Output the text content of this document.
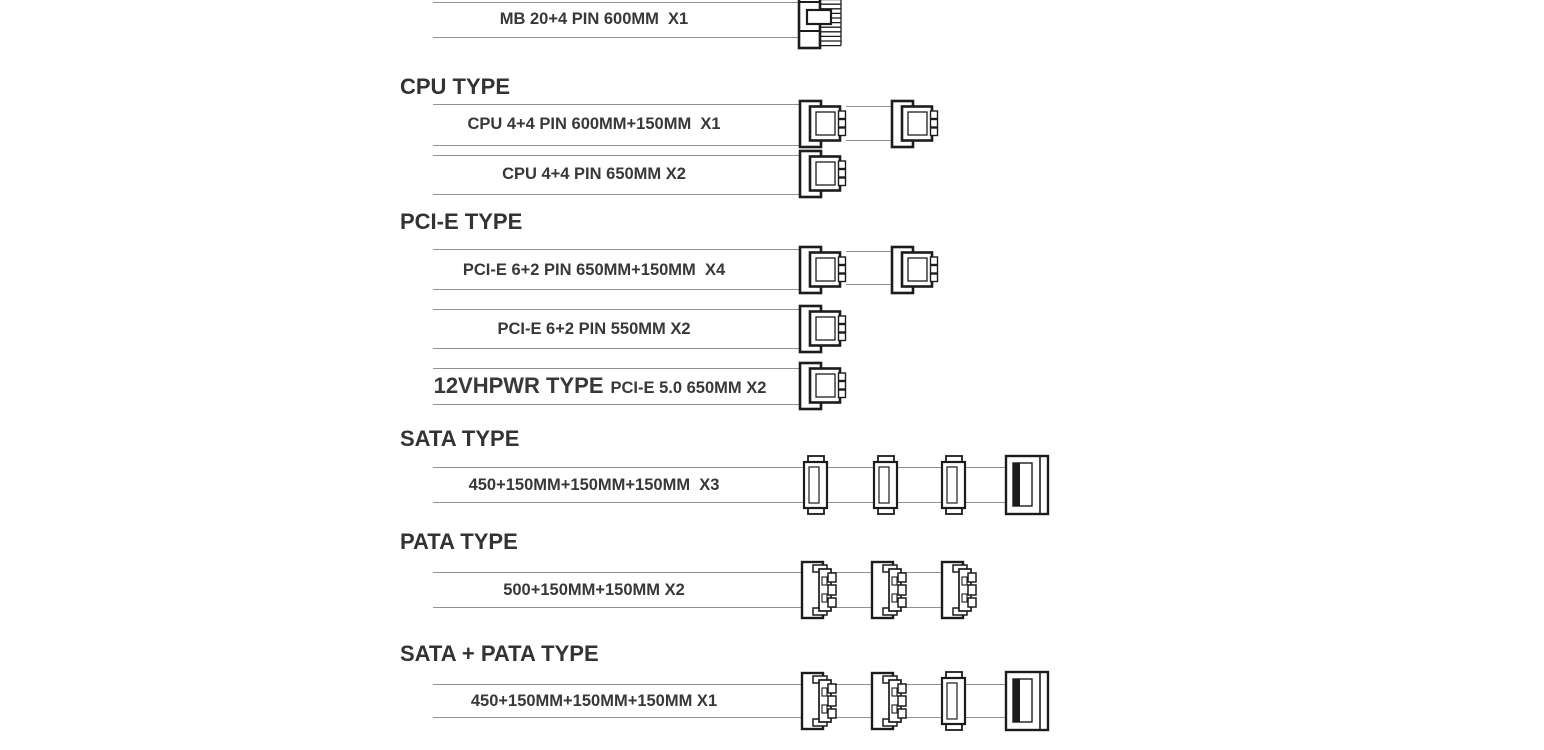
MB 20+4 PIN 600MM  X1
CPU TYPE
CPU 4+4 PIN 600MM+150MM  X1
CPU 4+4 PIN 650MM X2
PCI-E TYPE
PCI-E 6+2 PIN 650MM+150MM  X4
PCI-E 6+2 PIN 550MM X2
12VHPWR TYPE PCI-E 5.0 650MM X2
SATA TYPE
450+150MM+150MM+150MM  X3
PATA TYPE
500+150MM+150MM X2
SATA + PATA TYPE
450+150MM+150MM+150MM X1
